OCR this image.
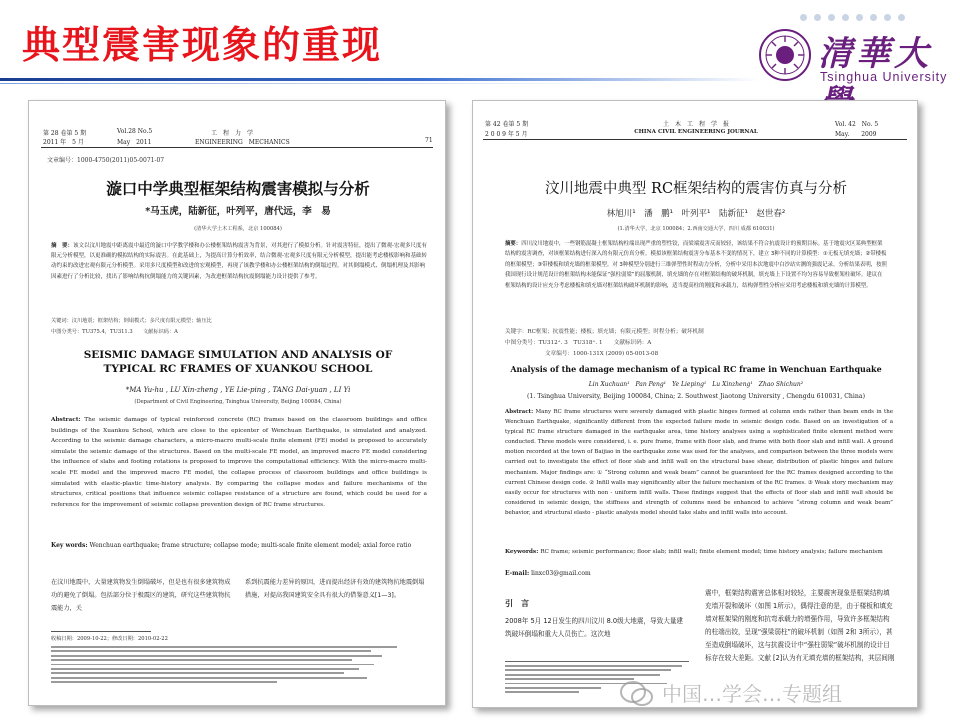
典型震害现象的重现	清華大
Tsinghua University
第 28 卷第 5 期	Vol.28 No.5	工　程　力　学
2011 年　5 月	May　2011	ENGINEERING　MECHANICS	71
文章编号：1000-4750(2011)05-0071-07
漩口中学典型框架结构震害模拟与分析
*马玉虎，陆新征，叶列平，唐代远，李　易
(清华大学土木工程系，北京 100084)
摘　要：该文以汶川地震中距离震中最近的漩口中学教学楼和办公楼框架结构震害为背景，对其进行了模拟分析。针对震害特征，提出了微观-宏观多尺度有限元分析模型，以更准确的模拟结构的实际震害。在此基础上，为提高计算分析效率，结合微观-宏观多尺度有限元分析模型，提出能考虑楼板影响和基础转动约束的改进宏观有限元分析模型。采用多尺度模型和改进的宏观模型，再现了该教学楼和办公楼框架结构的倒塌过程。对其倒塌模式、倒塌机理及其影响因素进行了分析比较，找出了影响结构抗倒塌能力的关键因素，为改进框架结构抗震倒塌能力设计提供了参考。
关键词：汶川地震；框架结构；倒塌模式；多尺度有限元模型；轴压比
中图分类号：TU375.4，TU311.3　　文献标识码：A
SEISMIC DAMAGE SIMULATION AND ANALYSIS OF TYPICAL RC FRAMES OF XUANKOU SCHOOL
*MA Yu-hu , LU Xin-zheng , YE Lie-ping , TANG Dai-yuan , LI Yi
(Department of Civil Engineering, Tsinghua University, Beijing 100084, China)
Abstract: The seismic damage of typical reinforced concrete (RC) frames based on the classroom buildings and office buildings of the Xuankou School, which are close to the epicenter of Wenchuan Earthquake, is simulated and analyzed. According to the seismic damage characters, a micro-macro multi-scale finite element (FE) model is proposed to accurately simulate the seismic damage of the structures. Based on the multi-scale FE model, an improved macro FE model considering the influence of slabs and footing rotations is proposed to improve the computational efficiency. With the micro-macro multi-scale FE model and the improved macro FE model, the collapse process of classroom buildings and office buildings is simulated with elastic-plastic time-history analysis. By comparing the collapse modes and failure mechanisms of the structures, critical positions that influence seismic collapse resistance of a structure are found, which could be used for a reference for the improvement of seismic collapse prevention design of RC frame structures.
Key words: Wenchuan earthquake; frame structure; collapse mode; multi-scale finite element model; axial force ratio
在汶川地震中，大量建筑物发生倒塌破坏，但是也有很多建筑物成功的避免了倒塌。包括部分位于极震区的建筑，研究这些建筑物抗震能力，关
系到抗震能力差异的原因，进而提出经济有效的建筑物抗地震倒塌措施，对提高我国建筑安全具有很大的借鉴意义[1—3]。
收稿日期：2009-10-22；修改日期：2010-02-22
第 42 卷第 5 期
2 0 0 9 年 5 月
土　木　工　程　学　报
CHINA CIVIL ENGINEERING JOURNAL
Vol. 42　No. 5
May.　　2009
汶川地震中典型 RC框架结构的震害仿真与分析
林旭川¹　潘　鹏¹　叶列平¹　陆新征¹　赵世春²
(1.清华大学，北京 100084；2.西南交通大学，四川 成都 610031)
摘要：四川汶川地震中，一些钢筋混凝土框架结构柱端出现严重的塑性铰，而梁端震害反而较轻，该结果不符合抗震设计的预期目标。基于地震灾区某典型框架结构的震害调查，对该框架结构进行深入的有限元仿真分析。模拟该框架结构震害分布基本不变的情况下，建立 3种不同的计算模型：①无板无填充墙；②带楼板的框架模型；③带楼板和填充墙的框架模型。对 3种模型分别进行三维弹塑性时程动力分析，分析中采用本次地震中白沙站实测的强震记录。分析结果表明，按照我国现行设计规范设计的框架结构未能保证“强柱弱梁”的屈服机制，填充墙的存在对框架结构的破坏机制，填充墙上下设置不均匀容易导致框架柱破坏。建议在框架结构的设计应充分考虑楼板和填充墙对框架结构破坏机制的影响，适当提高柱的刚度和承载力，结构弹塑性分析应采用考虑楼板和填充墙的计算模型。
关键字：RC框架；抗震性能；楼板；填充墙；有限元模型；时程分析；破坏机制
中图分类号：TU312⁺. 3　TU318⁺. 1　　文献标识码：A
文章编号：1000-131X (2009) 05-0013-08
Analysis of the damage mechanism of a typical RC frame in Wenchuan Earthquake
Lin Xuchuan¹　Pan Peng¹　Ye Lieping¹　Lu Xinzheng¹　Zhao Shichun²
(1. Tsinghua University, Beijing 100084, China; 2. Southwest Jiaotong University , Chengdu 610031, China)
Abstract: Many RC frame structures were severely damaged with plastic hinges formed at column ends rather than beam ends in the Wenchuan Earthquake, significantly different from the expected failure mode in seismic design code. Based on an investigation of a typical RC frame structure damaged in the earthquake area, time history analyses using a sophisticated finite element method were conducted. Three models were considered, i. e. pure frame, frame with floor slab, and frame with both floor slab and infill wall. A ground motion recorded at the town of Baijiao in the earthquake zone was used for the analyses, and comparison between the three models were carried out to investigate the effect of floor slab and infill wall on the structural base shear, distribution of plastic hinges and failure mechanism. Major findings are: ① “Strong column and weak beam” cannot be guaranteed for the RC frames designed according to the current Chinese design code. ② Infill walls may significantly alter the failure mechanism of the RC frames. ③ Weak story mechanism may easily occur for structures with non - uniform infill walls. These findings suggest that the effects of floor slab and infill wall should be considered in seismic design, the stiffness and strength of columns need be enhanced to achieve “strong column and weak beam” behavior, and structural elasto - plastic analysis model should take slabs and infill walls into account.
Keywords: RC frame; seismic performance; floor slab; infill wall; finite element model; time history analysis; failure mechanism
E-mail: linxc03@gmail.com
引　言
2008年 5月 12日发生的四川汶川 8.0级大地震，导致大量建筑破坏倒塌和重大人员伤亡。这次地
震中，框架结构震害总体相对较轻，主要震害现象是框架结构填充墙开裂和破坏（如图 1所示），偶得注意的是，由于楼板和填充墙对框架梁的刚度和抗弯承载力的增强作用，导致许多框架结构的柱端出铰，呈现“强梁弱柱”的破坏机制（如图 2和 3所示），甚至造成倒塌破坏，这与抗震设计中“强柱弱梁”破坏机制的设计目标存在较大差距。文献 [2]认为有无填充墙的框架结构，其层间刚
中国…学会…专题组
